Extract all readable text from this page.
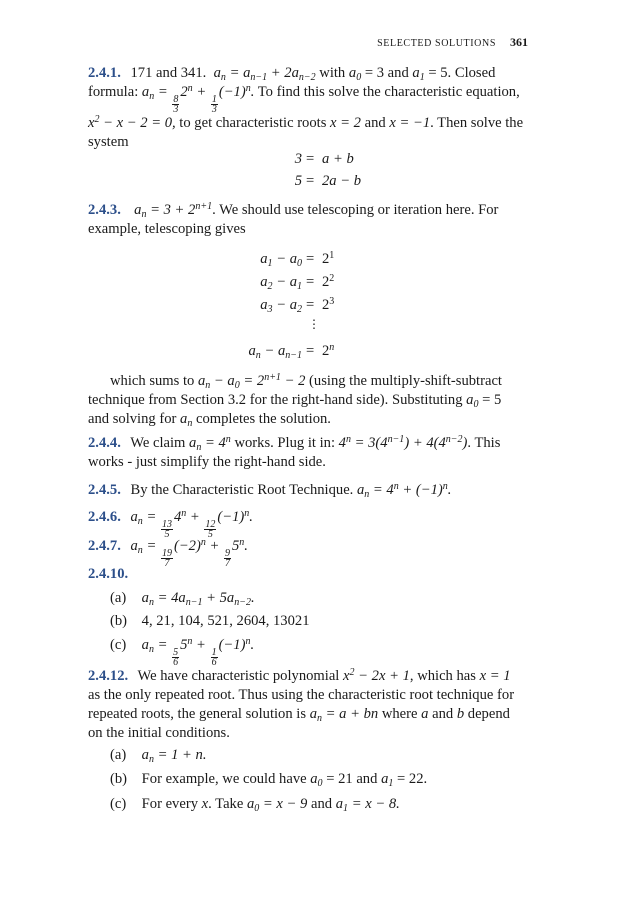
SELECTED SOLUTIONS 361
2.4.1. 171 and 341.  $a_n = a_{n-1} + 2a_{n-2}$ with $a_0 = 3$ and $a_1 = 5$. Closed
formula: $a_n$ =
$\frac{8}{3}$
$2^n$ +
$\frac{1}{3}$
$(-1)^n$. To find this solve the characteristic equation,
$x^2 - x - 2 = 0$, to get characteristic roots x = 2 and x = −1. Then solve the
system
3 = a + b
5 = 2a − b
2.4.3.  $a_n = 3 + 2^{n+1}$. We should use telescoping or iteration here. For
example, telescoping gives
$a_1 - a_0 = 2^1$
$a_2 - a_1 = 2^2$
$a_3 - a_2 = 2^3$
⋮
$a_n - a_{n-1} = 2^n$
which sums to $a_n - a_0 = 2^{n+1} - 2$ (using the multiply-shift-subtract
technique from Section 3.2 for the right-hand side). Substituting $a_0 = 5$
and solving for $a_n$ completes the solution.
2.4.4. We claim $a_n = 4^n$ works. Plug it in: $4^n = 3(4^{n-1}) + 4(4^{n-2})$. This
works - just simplify the right-hand side.
2.4.5. By the Characteristic Root Technique. $a_n = 4^n + (-1)^n$.
2.4.6. $a_n$ =
$\frac{13}{5}$
$4^n$ +
$\frac{12}{5}$
$(-1)^n$.
2.4.7. $a_n$ =
$\frac{19}{7}$
$(-2)^n$ +
$\frac{9}{7}$
5$^n$.
2.4.10.
(a) $a_n = 4a_{n-1} + 5a_{n-2}$.
(b) 4, 21, 104, 521, 2604, 13021
(c) $a_n$ =
$\frac{5}{6}$
$5^n$ +
$\frac{1}{6}$
$(-1)^n$.
2.4.12. We have characteristic polynomial $x^2 - 2x + 1$, which has x = 1
as the only repeated root. Thus using the characteristic root technique for
repeated roots, the general solution is $a_n = a$ + bn where a and b depend
on the initial conditions.
(a) $a_n = 1 + n$.
(b) For example, we could have $a_0 = 21$ and $a_1 = 22$.
(c) For every x. Take $a_0 = x - 9$ and $a_1 = x - 8$.
